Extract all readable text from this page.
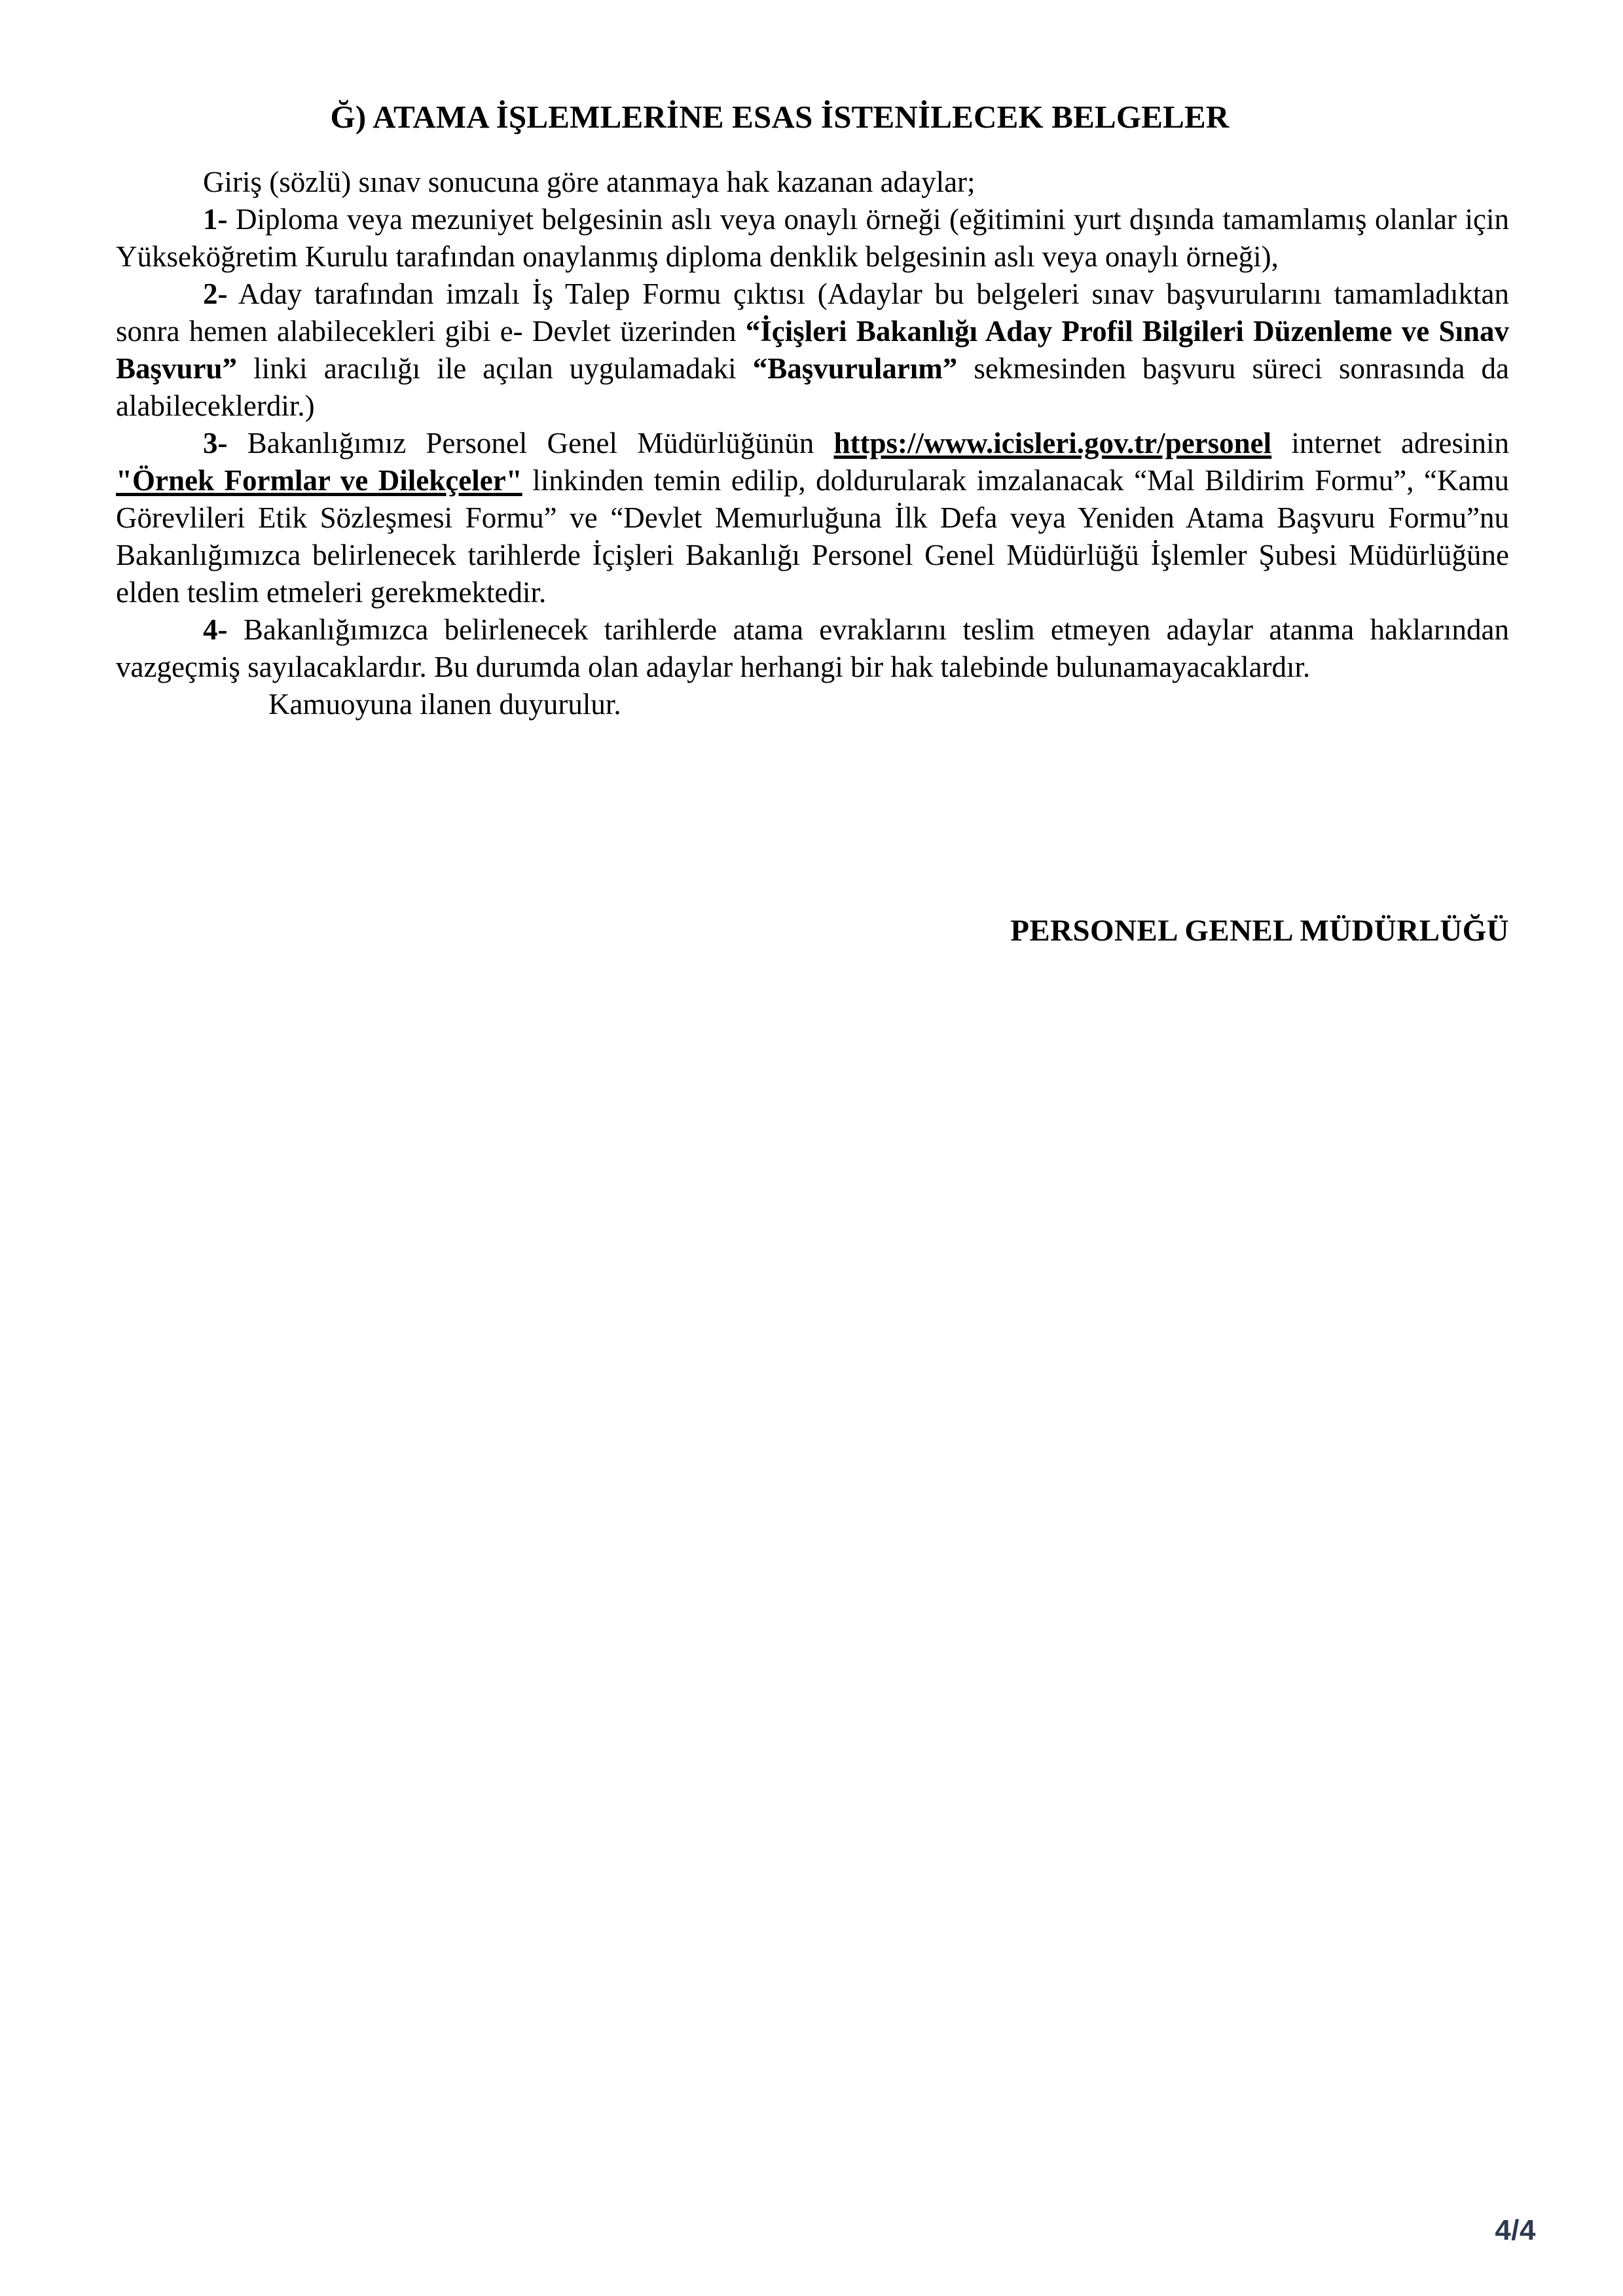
Ğ) ATAMA İŞLEMLERİNE ESAS İSTENİLECEK BELGELER

Giriş (sözlü) sınav sonucuna göre atanmaya hak kazanan adaylar;

1- Diploma veya mezuniyet belgesinin aslı veya onaylı örneği (eğitimini yurt dışında tamamlamış olanlar için Yükseköğretim Kurulu tarafından onaylanmış diploma denklik belgesinin aslı veya onaylı örneği),

2- Aday tarafından imzalı İş Talep Formu çıktısı (Adaylar bu belgeleri sınav başvurularını tamamladıktan sonra hemen alabilecekleri gibi e- Devlet üzerinden “İçişleri Bakanlığı Aday Profil Bilgileri Düzenleme ve Sınav Başvuru” linki aracılığı ile açılan uygulamadaki “Başvurularım” sekmesinden başvuru süreci sonrasında da alabileceklerdir.)

3- Bakanlığımız Personel Genel Müdürlüğünün https://www.icisleri.gov.tr/personel internet adresinin "Örnek Formlar ve Dilekçeler" linkinden temin edilip, doldurularak imzalanacak “Mal Bildirim Formu”, “Kamu Görevlileri Etik Sözleşmesi Formu” ve “Devlet Memurluğuna İlk Defa veya Yeniden Atama Başvuru Formu”nu Bakanlığımızca belirlenecek tarihlerde İçişleri Bakanlığı Personel Genel Müdürlüğü İşlemler Şubesi Müdürlüğüne elden teslim etmeleri gerekmektedir.

4- Bakanlığımızca belirlenecek tarihlerde atama evraklarını teslim etmeyen adaylar atanma haklarından vazgeçmiş sayılacaklardır. Bu durumda olan adaylar herhangi bir hak talebinde bulunamayacaklardır.

Kamuoyuna ilanen duyurulur.

PERSONEL GENEL MÜDÜRLÜĞÜ
4/4
